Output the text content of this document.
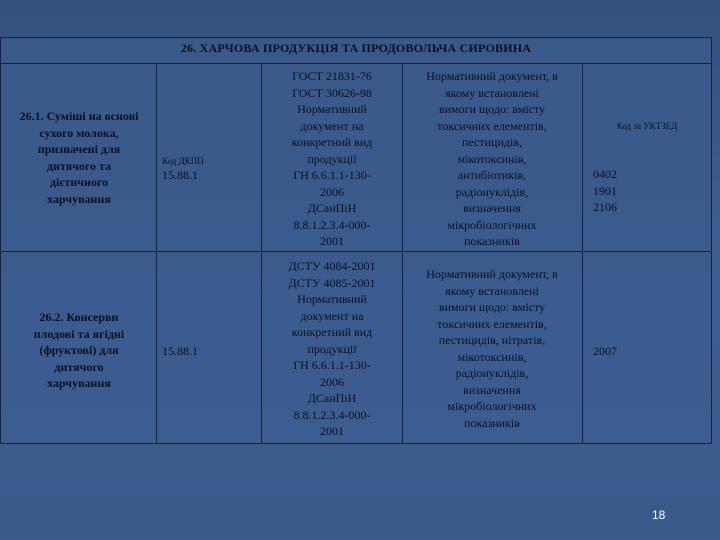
26. ХАРЧОВА ПРОДУКЦІЯ ТА ПРОДОВОЛЬЧА СИРОВИНА
26.1. Суміші на основі
сухого молока,
призначені для
дитячого та
дієтичного
харчування
Код ДКПП
15.88.1
ГОСТ 21831-76
ГОСТ 30626-98
Нормативний
документ на
конкретний вид
продукції
ГН 6.6.1.1-130-
2006
ДСанПіН
8.8.1.2.3.4-000-
2001
Нормативний документ, в
якому встановлені
вимоги щодо: вмісту
токсичних елементів,
пестицидів,
мікотоксинів,
антибіотиків,
радіонуклідів,
визначення
мікробіологічних
показників
Код за УКТЗЕД
0402
1901
2106
26.2. Консерви
плодові та ягідні
(фруктові) для
дитячого
харчування
15.88.1
ДСТУ 4084-2001
ДСТУ 4085-2001
Нормативний
документ на
конкретний вид
продукції
ГН 6.6.1.1-130-
2006
ДСанПіН
8.8.1.2.3.4-000-
2001
Нормативний документ, в
якому встановлені
вимоги щодо: вмісту
токсичних елементів,
пестицидів, нітратів,
мікотоксинів,
радіонуклідів,
визначення
мікробіологічних
показників
2007
18
